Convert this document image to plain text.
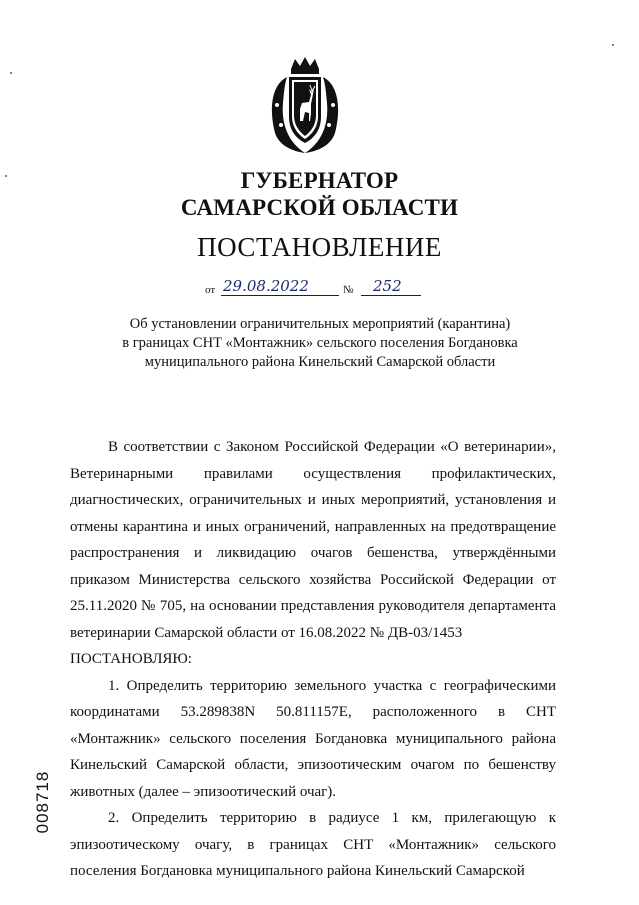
ГУБЕРНАТОР
САМАРСКОЙ ОБЛАСТИ
ПОСТАНОВЛЕНИЕ
от 29.08.2022	№ 252
Об установлении ограничительных мероприятий (карантина)
в границах СНТ «Монтажник» сельского поселения Богдановка
муниципального района Кинельский Самарской области

В соответствии с Законом Российской Федерации «О ветеринарии», Ветеринарными правилами осуществления профилактических, диагностических, ограничительных и иных мероприятий, установления и отмены карантина и иных ограничений, направленных на предотвращение распространения и ликвидацию очагов бешенства, утверждёнными приказом Министерства сельского хозяйства Российской Федерации от 25.11.2020 № 705, на основании представления руководителя департамента ветеринарии Самарской области от 16.08.2022 № ДВ-03/1453

ПОСТАНОВЛЯЮ:

1. Определить территорию земельного участка с географическими координатами 53.289838N 50.811157E, расположенного в СНТ «Монтажник» сельского поселения Богдановка муниципального района Кинельский Самарской области, эпизоотическим очагом по бешенству животных (далее – эпизоотический очаг).

2. Определить территорию в радиусе 1 км, прилегающую к эпизоотическому очагу, в границах СНТ «Монтажник» сельского поселения Богдановка муниципального района Кинельский Самарской

008718
